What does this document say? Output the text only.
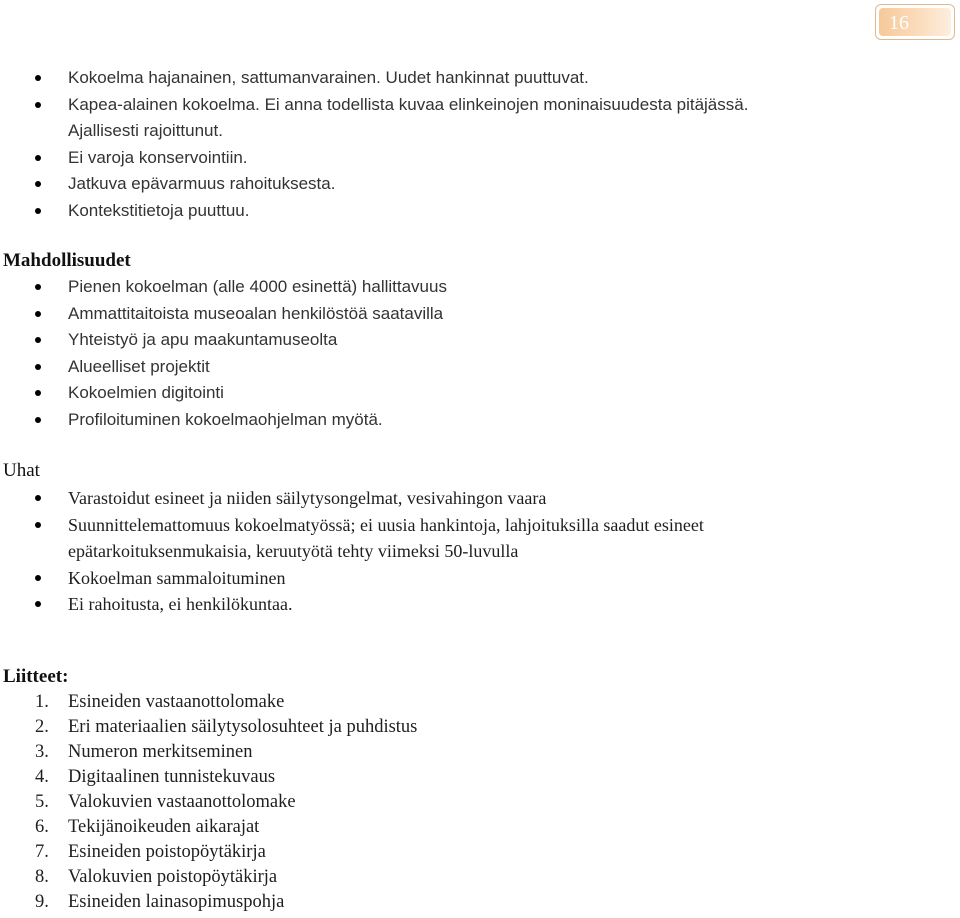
16
Kokoelma hajanainen, sattumanvarainen. Uudet hankinnat puuttuvat.
Kapea-alainen kokoelma. Ei anna todellista kuvaa elinkeinojen moninaisuudesta pitäjässä.
Ajallisesti rajoittunut.
Ei varoja konservointiin.
Jatkuva epävarmuus rahoituksesta.
Kontekstitietoja puuttuu.
Mahdollisuudet
Pienen kokoelman (alle 4000 esinettä) hallittavuus
Ammattitaitoista museoalan henkilöstöä saatavilla
Yhteistyö ja apu maakuntamuseolta
Alueelliset projektit
Kokoelmien digitointi
Profiloituminen kokoelmaohjelman myötä.
Uhat
Varastoidut esineet ja niiden säilytysongelmat, vesivahingon vaara
Suunnittelemattomuus kokoelmatyössä; ei uusia hankintoja, lahjoituksilla saadut esineet
epätarkoituksenmukaisia, keruutyötä tehty viimeksi 50-luvulla
Kokoelman sammaloituminen
Ei rahoitusta, ei henkilökuntaa.
Liitteet:
1. Esineiden vastaanottolomake
2. Eri materiaalien säilytysolosuhteet ja puhdistus
3. Numeron merkitseminen
4. Digitaalinen tunnistekuvaus
5. Valokuvien vastaanottolomake
6. Tekijänoikeuden aikarajat
7. Esineiden poistopöytäkirja
8. Valokuvien poistopöytäkirja
9. Esineiden lainasopimuspohja
